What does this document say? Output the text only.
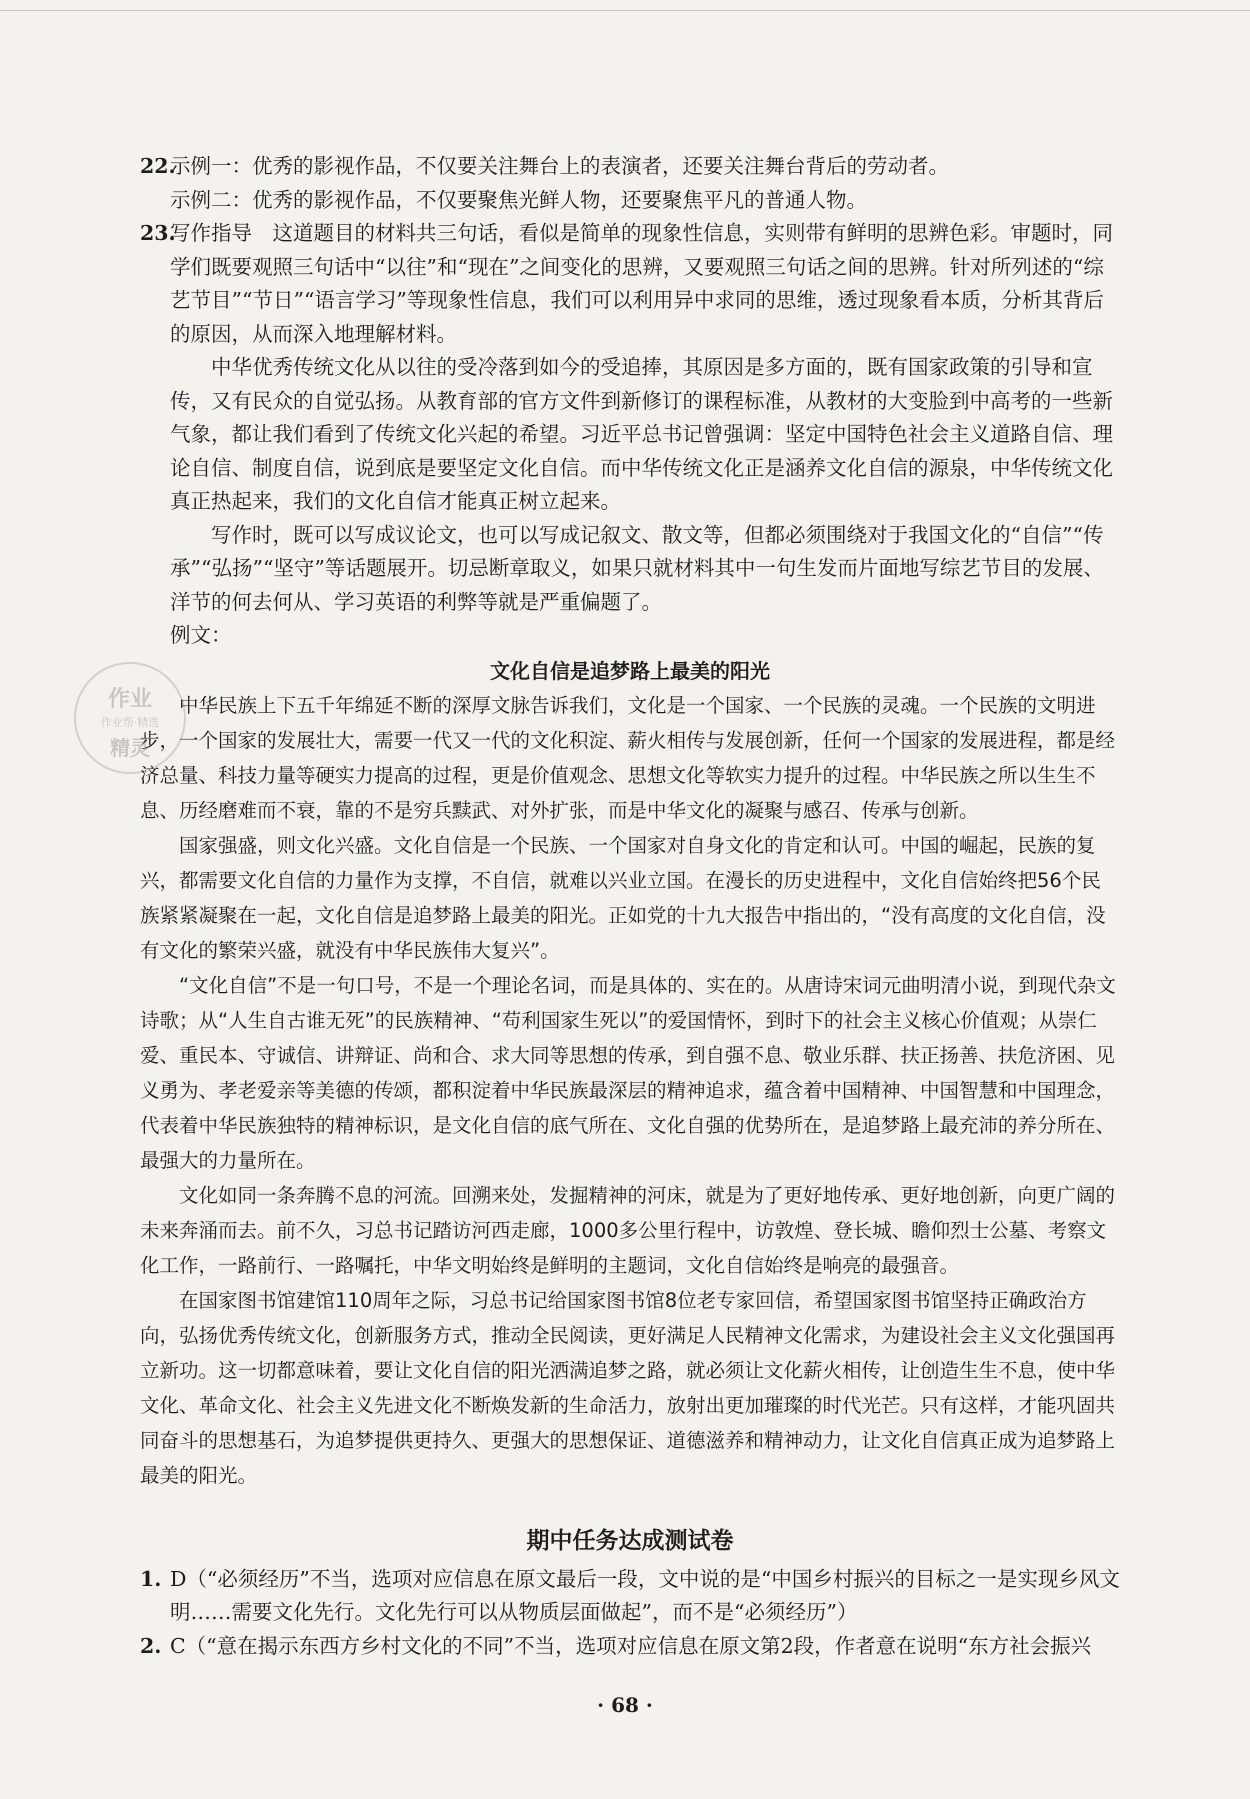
作业
作业帮·精选
精灵
22.

示例一：优秀的影视作品，不仅要关注舞台上的表演者，还要关注舞台背后的劳动者。

示例二：优秀的影视作品，不仅要聚焦光鲜人物，还要聚焦平凡的普通人物。

23.

写作指导　这道题目的材料共三句话，看似是简单的现象性信息，实则带有鲜明的思辨色彩。审题时，同学们既要观照三句话中“以往”和“现在”之间变化的思辨，又要观照三句话之间的思辨。针对所列述的“综艺节目”“节日”“语言学习”等现象性信息，我们可以利用异中求同的思维，透过现象看本质，分析其背后的原因，从而深入地理解材料。

中华优秀传统文化从以往的受冷落到如今的受追捧，其原因是多方面的，既有国家政策的引导和宣传，又有民众的自觉弘扬。从教育部的官方文件到新修订的课程标准，从教材的大变脸到中高考的一些新气象，都让我们看到了传统文化兴起的希望。习近平总书记曾强调：坚定中国特色社会主义道路自信、理论自信、制度自信，说到底是要坚定文化自信。而中华传统文化正是涵养文化自信的源泉，中华传统文化真正热起来，我们的文化自信才能真正树立起来。

写作时，既可以写成议论文，也可以写成记叙文、散文等，但都必须围绕对于我国文化的“自信”“传承”“弘扬”“坚守”等话题展开。切忌断章取义，如果只就材料其中一句生发而片面地写综艺节目的发展、洋节的何去何从、学习英语的利弊等就是严重偏题了。

例文：

文化自信是追梦路上最美的阳光

中华民族上下五千年绵延不断的深厚文脉告诉我们，文化是一个国家、一个民族的灵魂。一个民族的文明进步，一个国家的发展壮大，需要一代又一代的文化积淀、薪火相传与发展创新，任何一个国家的发展进程，都是经济总量、科技力量等硬实力提高的过程，更是价值观念、思想文化等软实力提升的过程。中华民族之所以生生不息、历经磨难而不衰，靠的不是穷兵黩武、对外扩张，而是中华文化的凝聚与感召、传承与创新。

国家强盛，则文化兴盛。文化自信是一个民族、一个国家对自身文化的肯定和认可。中国的崛起，民族的复兴，都需要文化自信的力量作为支撑，不自信，就难以兴业立国。在漫长的历史进程中，文化自信始终把56个民族紧紧凝聚在一起，文化自信是追梦路上最美的阳光。正如党的十九大报告中指出的，“没有高度的文化自信，没有文化的繁荣兴盛，就没有中华民族伟大复兴”。

“文化自信”不是一句口号，不是一个理论名词，而是具体的、实在的。从唐诗宋词元曲明清小说，到现代杂文诗歌；从“人生自古谁无死”的民族精神、“苟利国家生死以”的爱国情怀，到时下的社会主义核心价值观；从崇仁爱、重民本、守诚信、讲辩证、尚和合、求大同等思想的传承，到自强不息、敬业乐群、扶正扬善、扶危济困、见义勇为、孝老爱亲等美德的传颂，都积淀着中华民族最深层的精神追求，蕴含着中国精神、中国智慧和中国理念，代表着中华民族独特的精神标识，是文化自信的底气所在、文化自强的优势所在，是追梦路上最充沛的养分所在、最强大的力量所在。

文化如同一条奔腾不息的河流。回溯来处，发掘精神的河床，就是为了更好地传承、更好地创新，向更广阔的未来奔涌而去。前不久，习总书记踏访河西走廊，1000多公里行程中，访敦煌、登长城、瞻仰烈士公墓、考察文化工作，一路前行、一路嘱托，中华文明始终是鲜明的主题词，文化自信始终是响亮的最强音。

在国家图书馆建馆110周年之际，习总书记给国家图书馆8位老专家回信，希望国家图书馆坚持正确政治方向，弘扬优秀传统文化，创新服务方式，推动全民阅读，更好满足人民精神文化需求，为建设社会主义文化强国再立新功。这一切都意味着，要让文化自信的阳光洒满追梦之路，就必须让文化薪火相传，让创造生生不息，使中华文化、革命文化、社会主义先进文化不断焕发新的生命活力，放射出更加璀璨的时代光芒。只有这样，才能巩固共同奋斗的思想基石，为追梦提供更持久、更强大的思想保证、道德滋养和精神动力，让文化自信真正成为追梦路上最美的阳光。

期中任务达成测试卷
1. D（“必须经历”不当，选项对应信息在原文最后一段，文中说的是“中国乡村振兴的目标之一是实现乡风文明……需要文化先行。文化先行可以从物质层面做起”，而不是“必须经历”）

2. C（“意在揭示东西方乡村文化的不同”不当，选项对应信息在原文第2段，作者意在说明“东方社会振兴

· 68 ·
